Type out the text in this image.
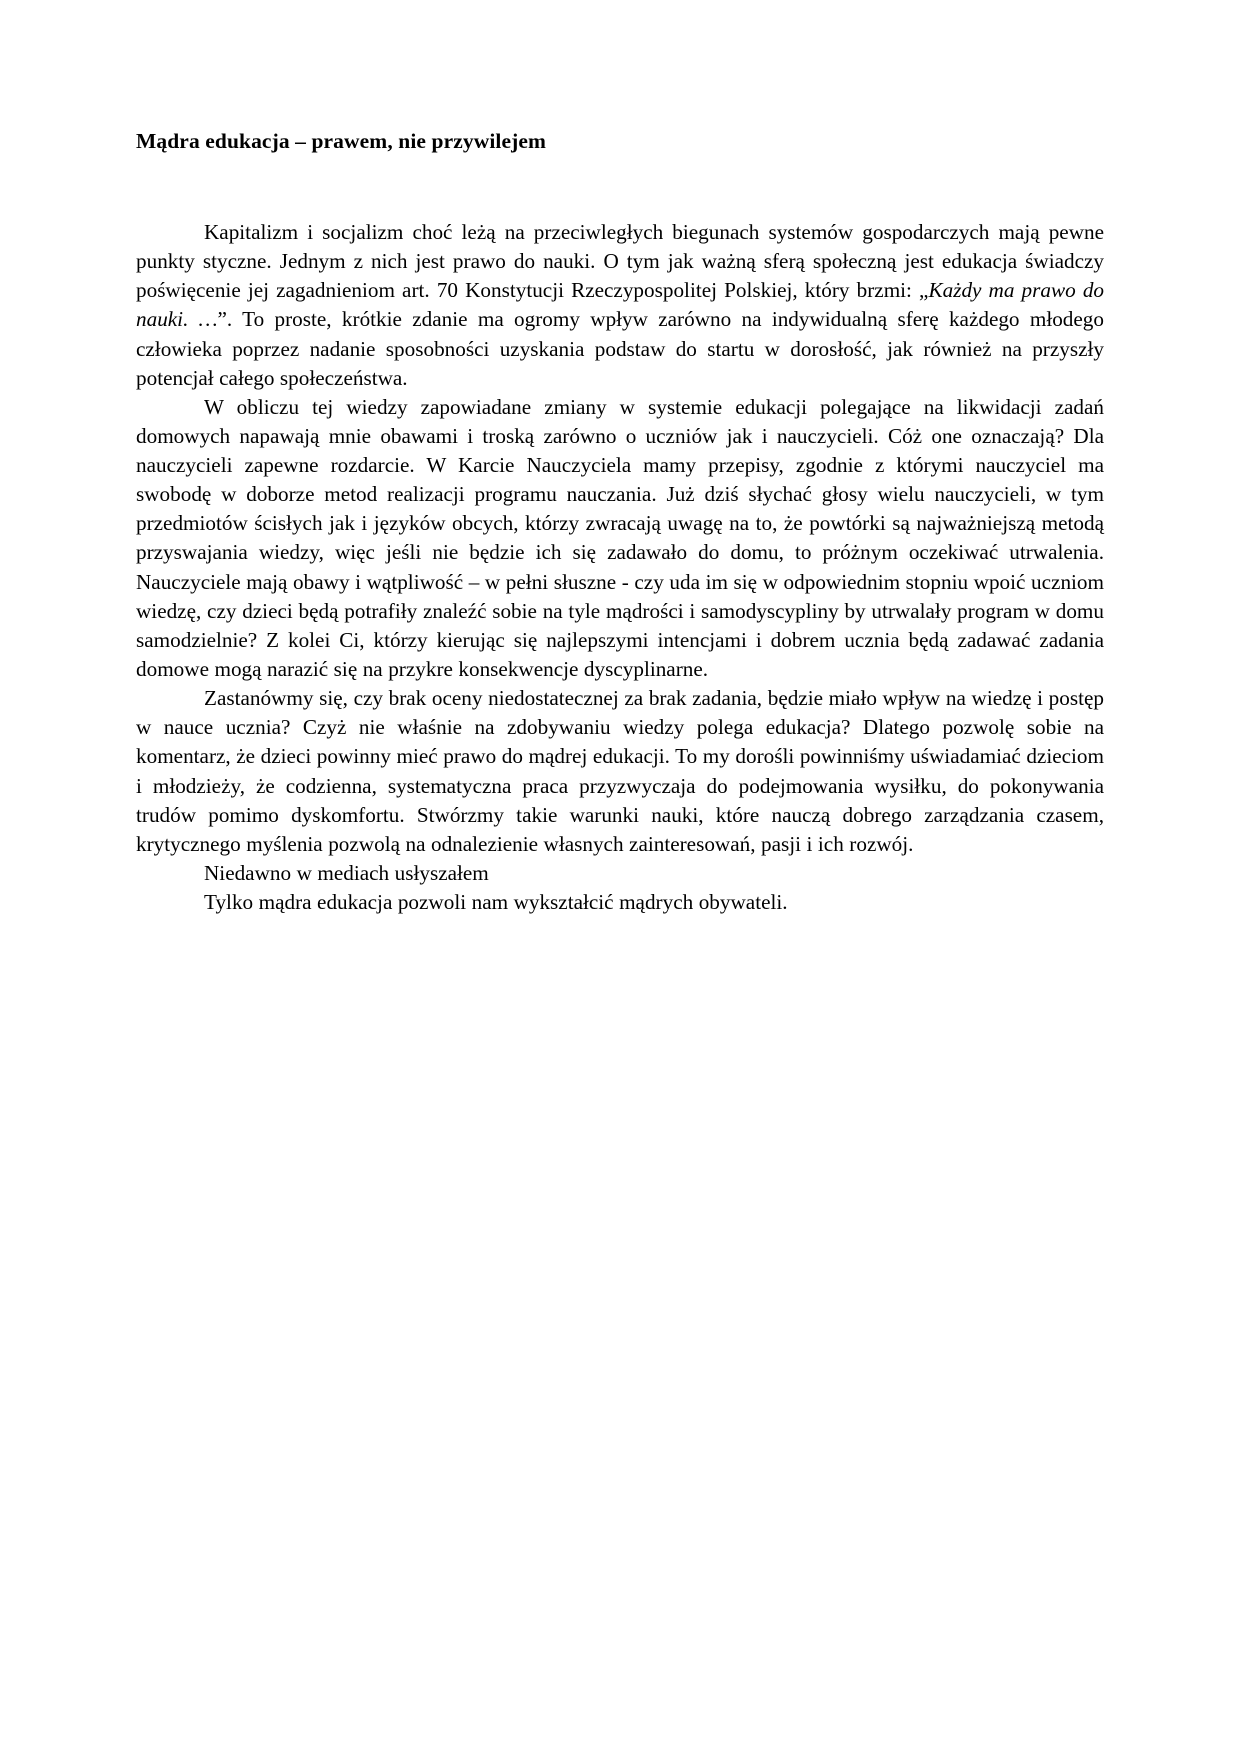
Mądra edukacja – prawem, nie przywilejem

Kapitalizm i socjalizm choć leżą na przeciwległych biegunach systemów gospodarczych mają pewne punkty styczne. Jednym z nich jest prawo do nauki. O tym jak ważną sferą społeczną jest edukacja świadczy poświęcenie jej zagadnieniom art. 70 Konstytucji Rzeczypospolitej Polskiej, który brzmi: „Każdy ma prawo do nauki. …”. To proste, krótkie zdanie ma ogromy wpływ zarówno na indywidualną sferę każdego młodego człowieka poprzez nadanie sposobności uzyskania podstaw do startu w dorosłość, jak również na przyszły potencjał całego społeczeństwa.

W obliczu tej wiedzy zapowiadane zmiany w systemie edukacji polegające na likwidacji zadań domowych napawają mnie obawami i troską zarówno o uczniów jak i nauczycieli. Cóż one oznaczają? Dla nauczycieli zapewne rozdarcie. W Karcie Nauczyciela mamy przepisy, zgodnie z którymi nauczyciel ma swobodę w doborze metod realizacji programu nauczania. Już dziś słychać głosy wielu nauczycieli, w tym przedmiotów ścisłych jak i języków obcych, którzy zwracają uwagę na to, że powtórki są najważniejszą metodą przyswajania wiedzy, więc jeśli nie będzie ich się zadawało do domu, to próżnym oczekiwać utrwalenia. Nauczyciele mają obawy i wątpliwość – w pełni słuszne - czy uda im się w odpowiednim stopniu wpoić uczniom wiedzę, czy dzieci będą potrafiły znaleźć sobie na tyle mądrości i samodyscypliny by utrwalały program w domu samodzielnie? Z kolei Ci, którzy kierując się najlepszymi intencjami i dobrem ucznia będą zadawać zadania domowe mogą narazić się na przykre konsekwencje dyscyplinarne.

Zastanówmy się, czy brak oceny niedostatecznej za brak zadania, będzie miało wpływ na wiedzę i postęp w nauce ucznia? Czyż nie właśnie na zdobywaniu wiedzy polega edukacja? Dlatego pozwolę sobie na komentarz, że dzieci powinny mieć prawo do mądrej edukacji. To my dorośli powinniśmy uświadamiać dzieciom i młodzieży, że codzienna, systematyczna praca przyzwyczaja do podejmowania wysiłku, do pokonywania trudów pomimo dyskomfortu. Stwórzmy takie warunki nauki, które nauczą dobrego zarządzania czasem, krytycznego myślenia pozwolą na odnalezienie własnych zainteresowań, pasji i ich rozwój.

Niedawno w mediach usłyszałem

Tylko mądra edukacja pozwoli nam wykształcić mądrych obywateli.
